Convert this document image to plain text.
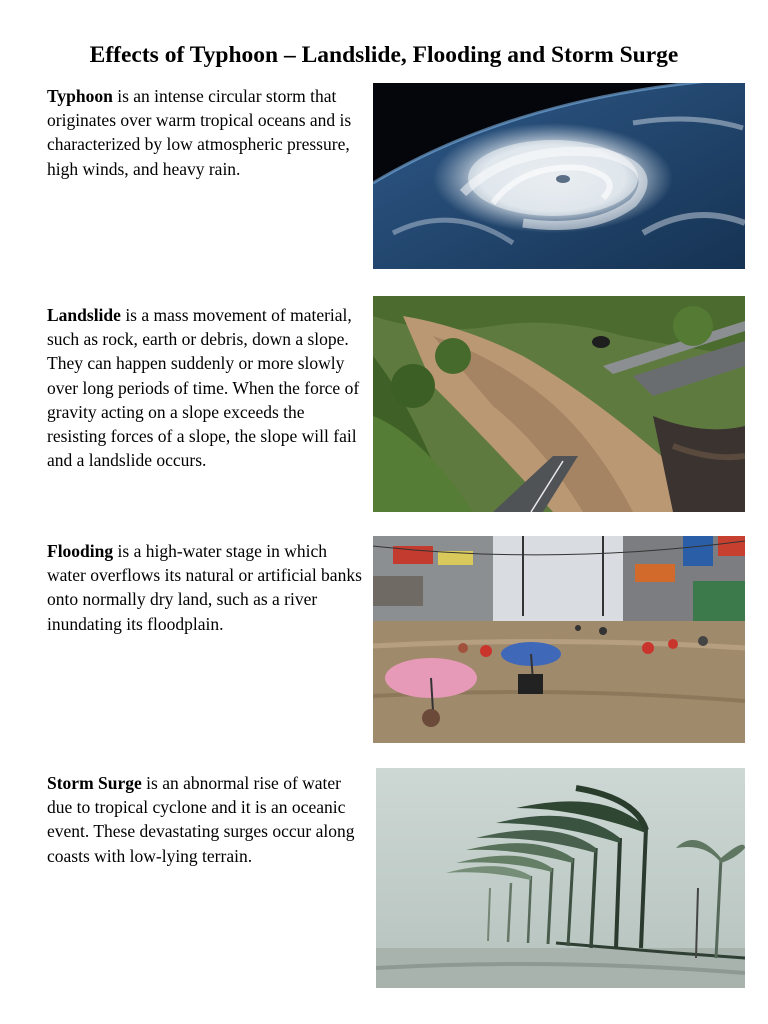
Effects of Typhoon – Landslide, Flooding and Storm Surge
Typhoon is an intense circular storm that originates over warm tropical oceans and is characterized by low atmospheric pressure, high winds, and heavy rain.
Landslide is a mass movement of material, such as rock, earth or debris, down a slope. They can happen suddenly or more slowly over long periods of time. When the force of gravity acting on a slope exceeds the resisting forces of a slope, the slope will fail and a landslide occurs.
Flooding is a high-water stage in which water overflows its natural or artificial banks onto normally dry land, such as a river inundating its floodplain.
Storm Surge is an abnormal rise of water due to tropical cyclone and it is an oceanic event. These devastating surges occur along coasts with low-lying terrain.
